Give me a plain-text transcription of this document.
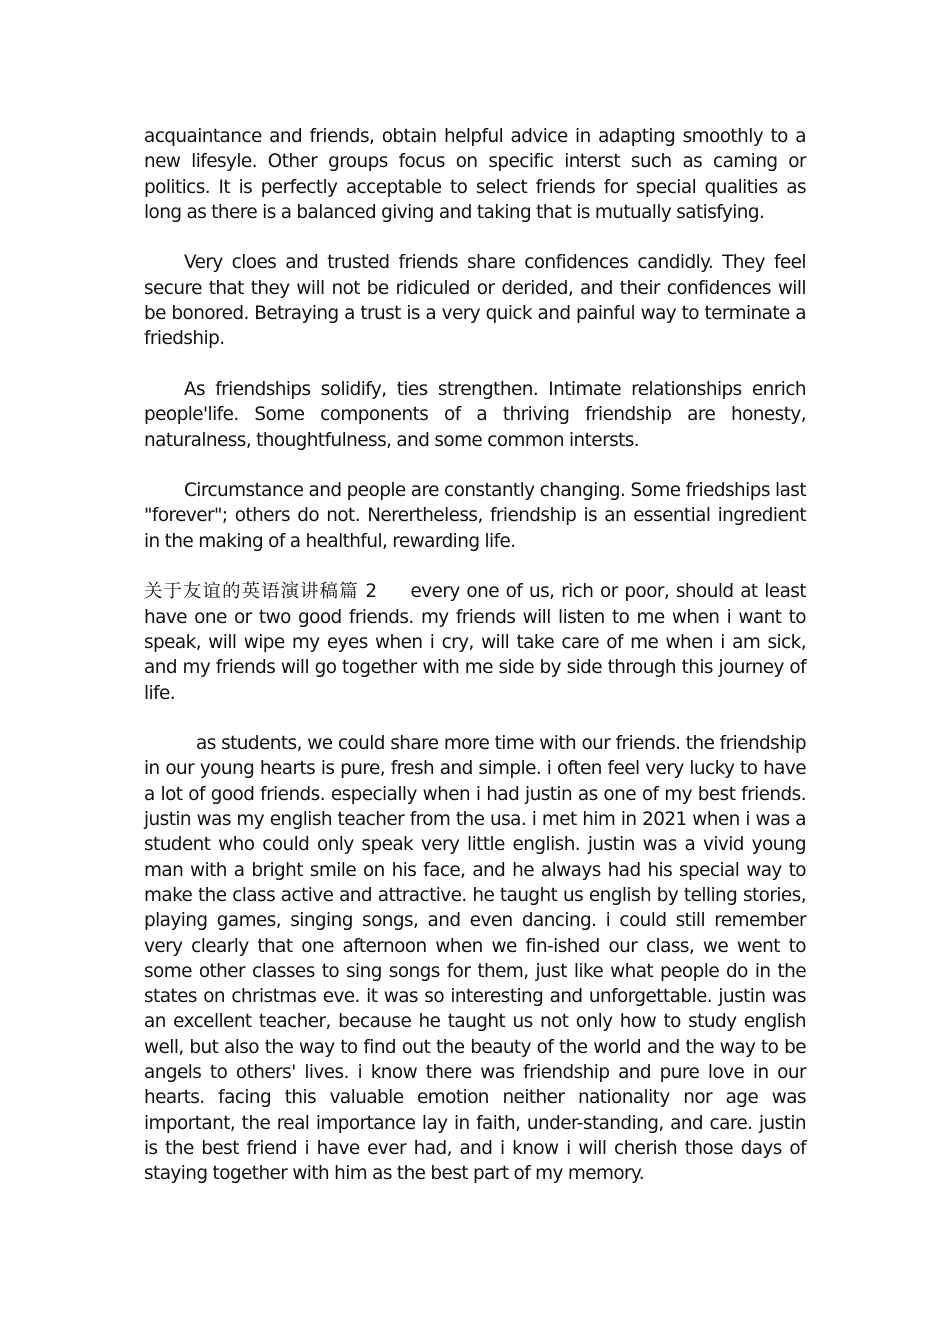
acquaintance and friends, obtain helpful advice in adapting smoothly to a new lifesyle. Other groups focus on specific interst such as caming or politics. It is perfectly acceptable to select friends for special qualities as long as there is a balanced giving and taking that is mutually satisfying.

Very cloes and trusted friends share confidences candidly. They feel secure that they will not be ridiculed or derided, and their confidences will be bonored. Betraying a trust is a very quick and painful way to terminate a friedship.

As friendships solidify, ties strengthen. Intimate relationships enrich people'life. Some components of a thriving friendship are honesty, naturalness, thoughtfulness, and some common intersts.

Circumstance and people are constantly changing. Some friedships last "forever"; others do not. Nerertheless, friendship is an essential ingredient in the making of a healthful, rewarding life.

关于友谊的英语演讲稿篇 2 every one of us, rich or poor, should at least have one or two good friends. my friends will listen to me when i want to speak, will wipe my eyes when i cry, will take care of me when i am sick, and my friends will go together with me side by side through this journey of life.

as students, we could share more time with our friends. the friendship in our young hearts is pure, fresh and simple. i often feel very lucky to have a lot of good friends. especially when i had justin as one of my best friends. justin was my english teacher from the usa. i met him in 2021 when i was a student who could only speak very little english. justin was a vivid young man with a bright smile on his face, and he always had his special way to make the class active and attractive. he taught us english by telling stories, playing games, singing songs, and even dancing. i could still remember very clearly that one afternoon when we fin-ished our class, we went to some other classes to sing songs for them, just like what people do in the states on christmas eve. it was so interesting and unforgettable. justin was an excellent teacher, because he taught us not only how to study english well, but also the way to find out the beauty of the world and the way to be angels to others' lives. i know there was friendship and pure love in our hearts. facing this valuable emotion neither nationality nor age was important, the real importance lay in faith, under-standing, and care. justin is the best friend i have ever had, and i know i will cherish those days of staying together with him as the best part of my memory.
